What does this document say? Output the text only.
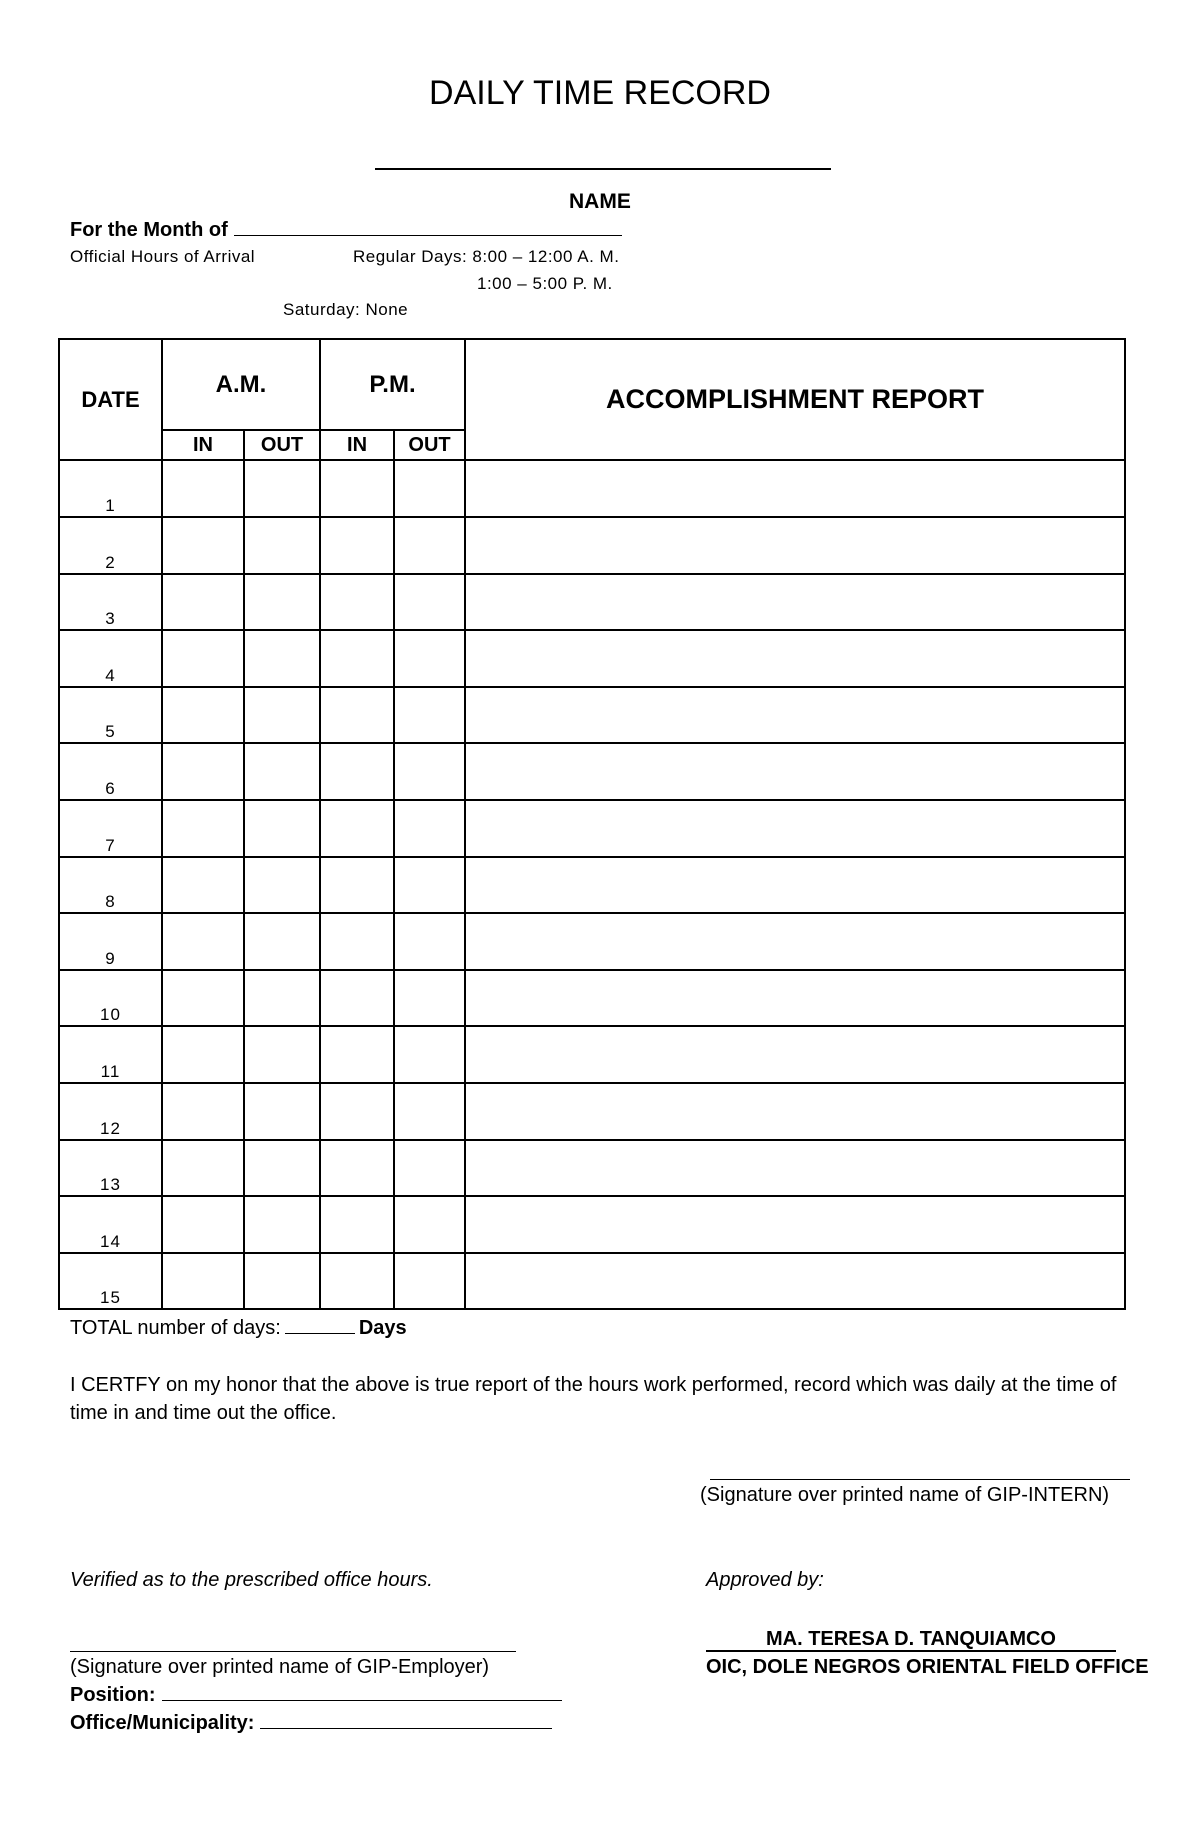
DAILY TIME RECORD
NAME
For the Month of
Official Hours of Arrival	Regular Days: 8:00 – 12:00 A. M.
1:00 – 5:00 P. M.
Saturday: None
DATE	A.M.		P.M.		ACCOMPLISHMENT REPORT
	IN	OUT	IN	OUT	
1					
2					
3					
4					
5					
6					
7					
8					
9					
10					
11					
12					
13					
14					
15					
TOTAL number of days:	Days
I CERTFY on my honor that the above is true report of the hours work performed, record which was daily at the time of time in and time out the office.
(Signature over printed name of GIP-INTERN)
Verified as to the prescribed office hours.	Approved by:
MA. TERESA D. TANQUIAMCO
OIC, DOLE NEGROS ORIENTAL FIELD OFFICE
(Signature over printed name of GIP-Employer)
Position:
Office/Municipality:
